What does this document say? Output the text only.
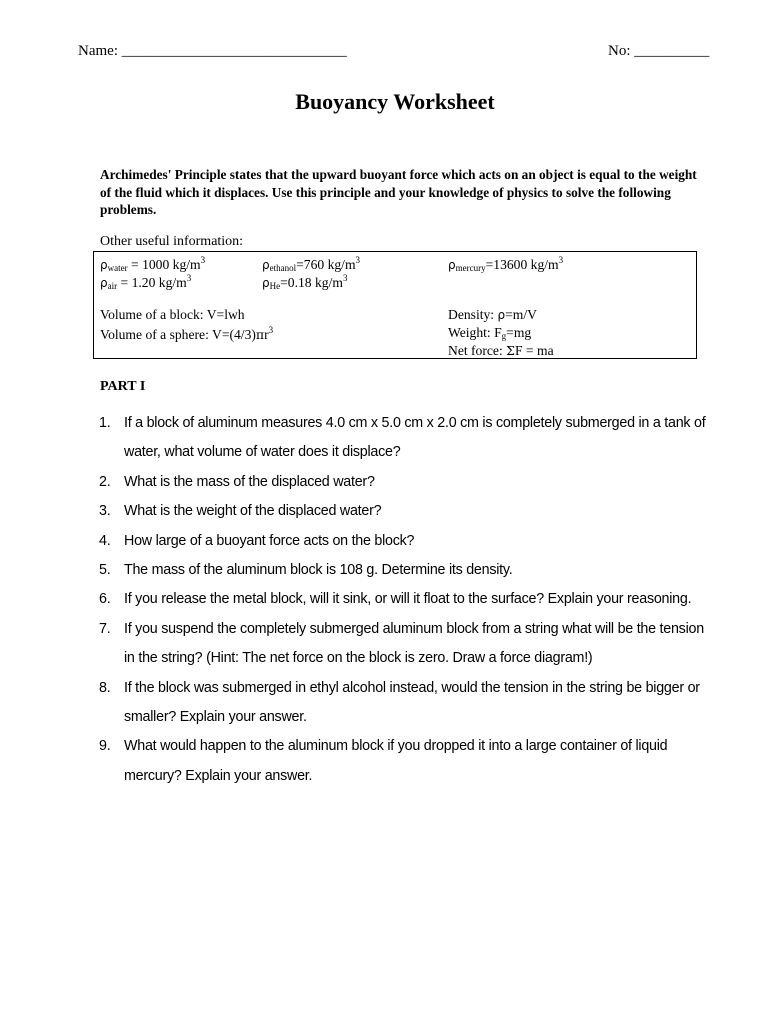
Name: ______________________________	No: __________
Buoyancy Worksheet
Archimedes' Principle states that the upward buoyant force which acts on an object is equal to the weight of the fluid which it displaces. Use this principle and your knowledge of physics to solve the following problems.
Other useful information:
$\rho_{water} = 1000$ $kg/m^3$	$\rho_{ethanol}=760$ $kg/m^3$	$\rho_{mercury}=13600$ $kg/m^3$
$\rho_{air} = 1.20$ $kg/m^3$	$\rho_{He}=0.18$ $kg/m^3$
Volume of a block: V=lwh
Volume of a sphere: $V=(4/3)\pi r^3$
Density: ρ=m/V
Weight: $F_g=mg$
Net force: ΣF = ma
PART I
1. If a block of aluminum measures 4.0 cm x 5.0 cm x 2.0 cm is completely submerged in a tank of water, what volume of water does it displace?
2. What is the mass of the displaced water?
3. What is the weight of the displaced water?
4. How large of a buoyant force acts on the block?
5. The mass of the aluminum block is 108 g. Determine its density.
6. If you release the metal block, will it sink, or will it float to the surface? Explain your reasoning.
7. If you suspend the completely submerged aluminum block from a string what will be the tension in the string? (Hint: The net force on the block is zero. Draw a force diagram!)
8. If the block was submerged in ethyl alcohol instead, would the tension in the string be bigger or smaller? Explain your answer.
9. What would happen to the aluminum block if you dropped it into a large container of liquid mercury? Explain your answer.
